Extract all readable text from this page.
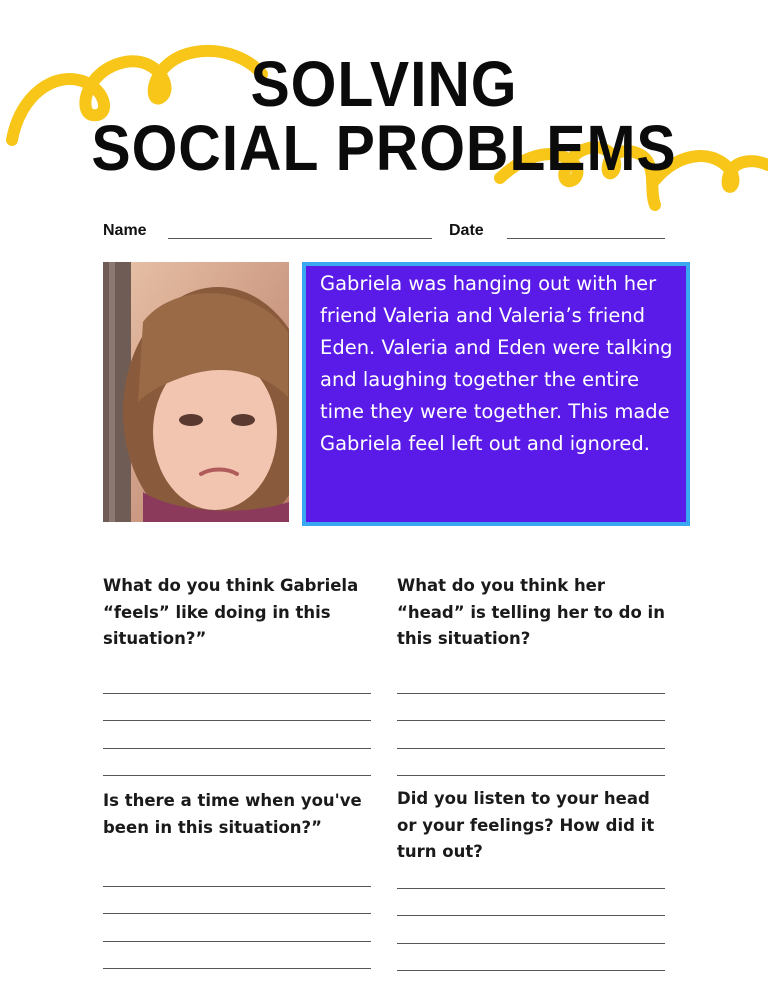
SOLVING
SOCIAL PROBLEMS
Name	Date

Gabriela was hanging out with her friend Valeria and Valeria’s friend Eden. Valeria and Eden were talking and laughing together the entire time they were together. This made Gabriela feel left out and ignored.

What do you think Gabriela “feels” like doing in this situation?”
What do you think her “head” is telling her to do in this situation?
Is there a time when you've been in this situation?”
Did you listen to your head or your feelings? How did it turn out?
